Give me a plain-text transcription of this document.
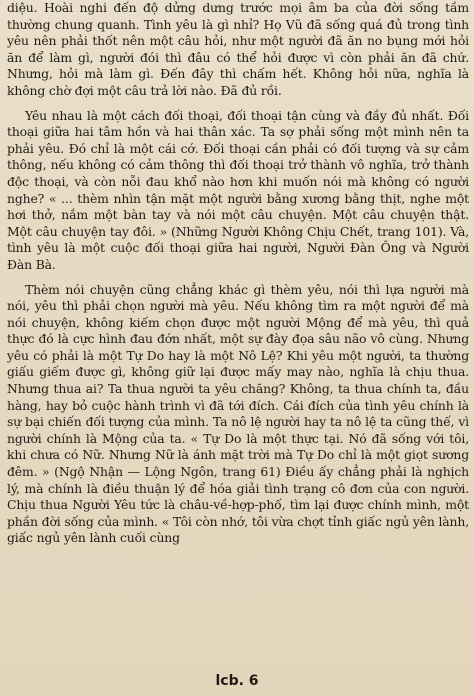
diệu. Hoài nghi đến độ dửng dưng trước mọi âm ba của đời sống tầm thường chung quanh. Tình yêu là gì nhỉ? Họ Vũ đã sống quá đủ trong tình yêu nên phải thốt nên một câu hỏi, như một người đã ăn no bụng mới hỏi ăn để làm gì, người đói thì đâu có thể hỏi được vì còn phải ăn đã chứ. Nhưng, hỏi mà làm gì. Đến đây thì chấm hết. Không hỏi nữa, nghĩa là không chờ đợi một câu trả lời nào. Đã đủ rồi.

Yêu nhau là một cách đối thoại, đối thoại tận cùng và đầy đủ nhất. Đối thoại giữa hai tâm hồn và hai thân xác. Ta sợ phải sống một mình nên ta phải yêu. Đó chỉ là một cái cớ. Đối thoại cần phải có đối tượng và sự cảm thông, nếu không có cảm thông thì đối thoại trở thành vô nghĩa, trở thành độc thoại, và còn nỗi đau khổ nào hơn khi muốn nói mà không có người nghe? « ... thèm nhìn tận mặt một người bằng xương bằng thịt, nghe một hơi thở, nắm một bàn tay và nói một câu chuyện. Một câu chuyện thật. Một câu chuyện tay đôi. » (Những Người Không Chịu Chết, trang 101). Và, tình yêu là một cuộc đối thoại giữa hai người, Người Đàn Ông và Người Đàn Bà.

Thèm nói chuyện cũng chẳng khác gì thèm yêu, nói thì lựa người mà nói, yêu thì phải chọn người mà yêu. Nếu không tìm ra một người để mà nói chuyện, không kiếm chọn được một người Mộng để mà yêu, thì quả thực đó là cực hình đau đớn nhất, một sự đày đọa sâu não vô cùng. Nhưng yêu có phải là một Tự Do hay là một Nô Lệ? Khi yêu một người, ta thường giấu giếm được gì, không giữ lại được mấy may nào, nghĩa là chịu thua. Nhưng thua ai? Ta thua người ta yêu chăng? Không, ta thua chính ta, đầu hàng, hay bỏ cuộc hành trình vì đã tới đích. Cái đích của tình yêu chính là sự bại chiến đối tượng của mình. Ta nô lệ người hay ta nô lệ ta cũng thế, vì người chính là Mộng của ta. « Tự Do là một thực tại. Nó đã sống với tôi, khi chưa có Nữ. Nhưng Nữ là ánh mặt trời mà Tự Do chỉ là một giọt sương đêm. » (Ngộ Nhận — Lộng Ngôn, trang 61) Điều ấy chẳng phải là nghịch lý, mà chính là điều thuận lý để hóa giải tình trạng cô đơn của con người. Chịu thua Người Yêu tức là châu-về-hợp-phố, tìm lại được chính mình, một phần đời sống của mình. « Tôi còn nhớ, tôi vừa chợt tỉnh giấc ngủ yên lành, giấc ngủ yên lành cuối cùng

lcb. 6
